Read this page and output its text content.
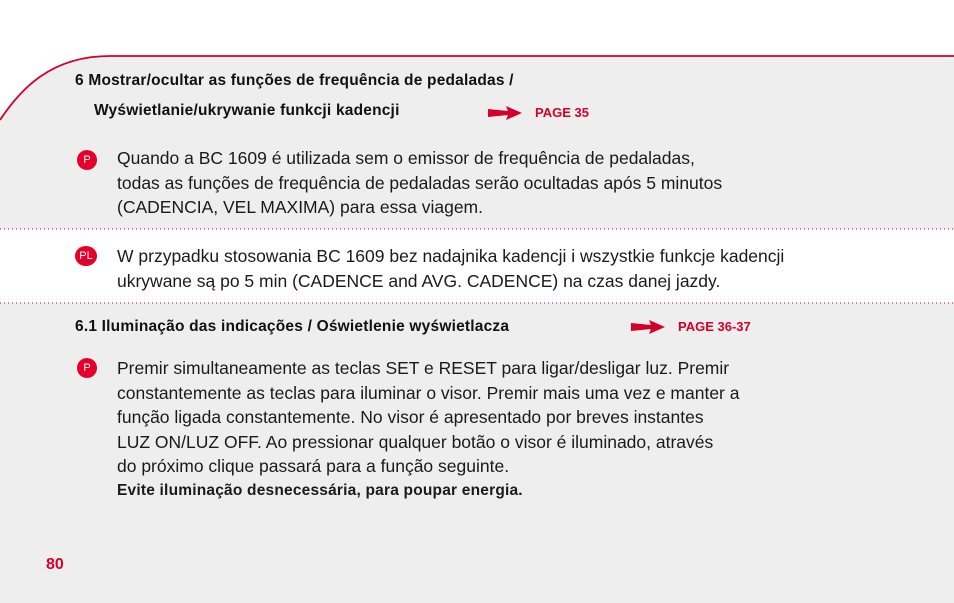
6 Mostrar/ocultar as funções de frequência de pedaladas /
Wyświetlanie/ukrywanie funkcji kadencji	PAGE 35
P	Quando a BC 1609 é utilizada sem o emissor de frequência de pedaladas,
todas as funções de frequência de pedaladas serão ocultadas após 5 minutos
(CADENCIA, VEL MAXIMA) para essa viagem.
PL W przypadku stosowania BC 1609 bez nadajnika kadencji i wszystkie funkcje kadencji
ukrywane są po 5 min (CADENCE and AVG. CADENCE) na czas danej jazdy.
6.1 Iluminação das indicações / Oświetlenie wyświetlacza	PAGE 36-37
P	Premir simultaneamente as teclas SET e RESET para ligar/desligar luz. Premir
constantemente as teclas para iluminar o visor. Premir mais uma vez e manter a
função ligada constantemente. No visor é apresentado por breves instantes
LUZ ON/LUZ OFF. Ao pressionar qualquer botão o visor é iluminado, através
do próximo clique passará para a função seguinte.
Evite iluminação desnecessária, para poupar energia.
80
